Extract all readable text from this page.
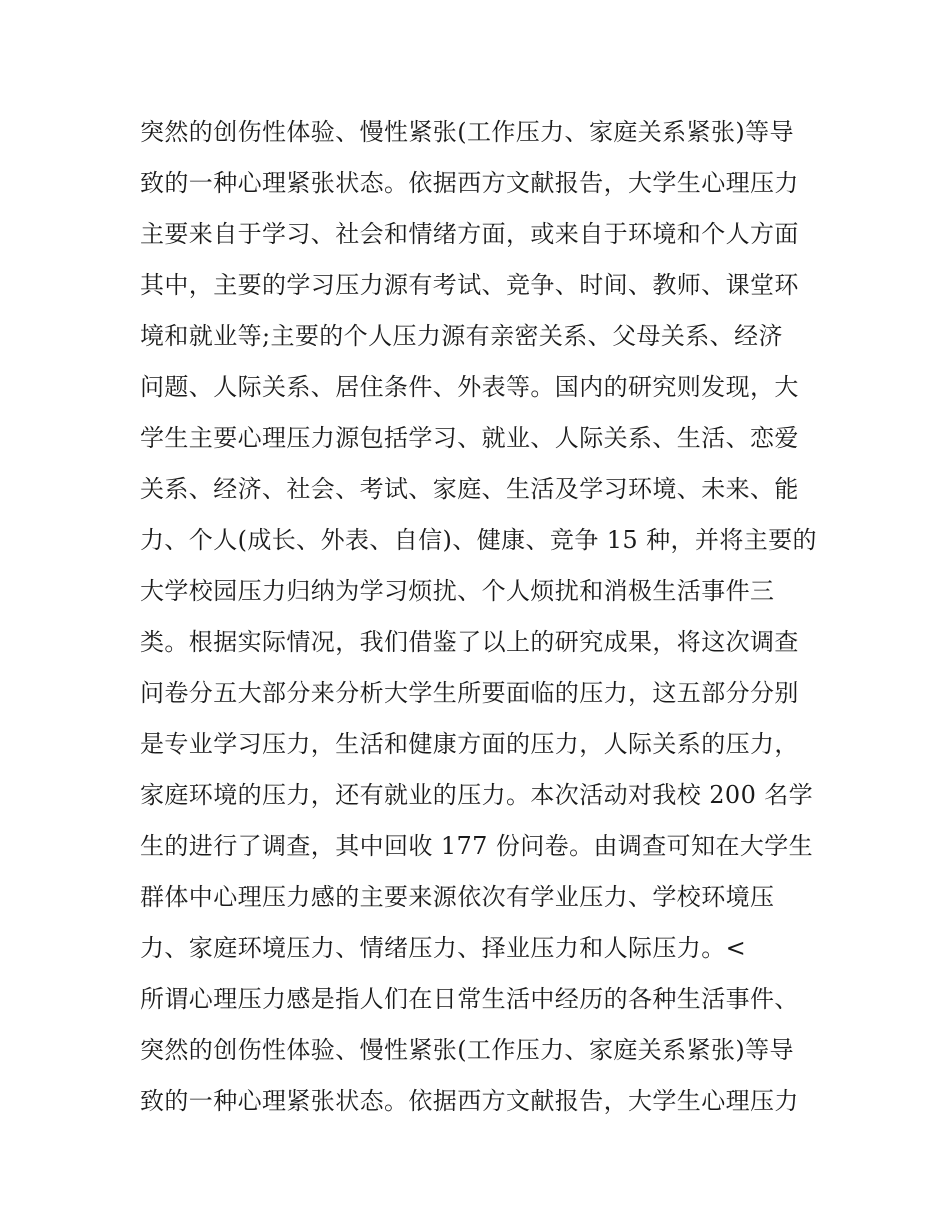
突然的创伤性体验、慢性紧张(工作压力、家庭关系紧张)等导
致的一种心理紧张状态。依据西方文献报告，大学生心理压力
主要来自于学习、社会和情绪方面，或来自于环境和个人方面
其中，主要的学习压力源有考试、竞争、时间、教师、课堂环
境和就业等;主要的个人压力源有亲密关系、父母关系、经济
问题、人际关系、居住条件、外表等。国内的研究则发现，大
学生主要心理压力源包括学习、就业、人际关系、生活、恋爱
关系、经济、社会、考试、家庭、生活及学习环境、未来、能
力、个人(成长、外表、自信)、健康、竞争 15 种，并将主要的
大学校园压力归纳为学习烦扰、个人烦扰和消极生活事件三
类。根据实际情况，我们借鉴了以上的研究成果，将这次调查
问卷分五大部分来分析大学生所要面临的压力，这五部分分别
是专业学习压力，生活和健康方面的压力，人际关系的压力，
家庭环境的压力，还有就业的压力。本次活动对我校 200 名学
生的进行了调查，其中回收 177 份问卷。由调查可知在大学生
群体中心理压力感的主要来源依次有学业压力、学校环境压
力、家庭环境压力、情绪压力、择业压力和人际压力。<
所谓心理压力感是指人们在日常生活中经历的各种生活事件、
突然的创伤性体验、慢性紧张(工作压力、家庭关系紧张)等导
致的一种心理紧张状态。依据西方文献报告，大学生心理压力
